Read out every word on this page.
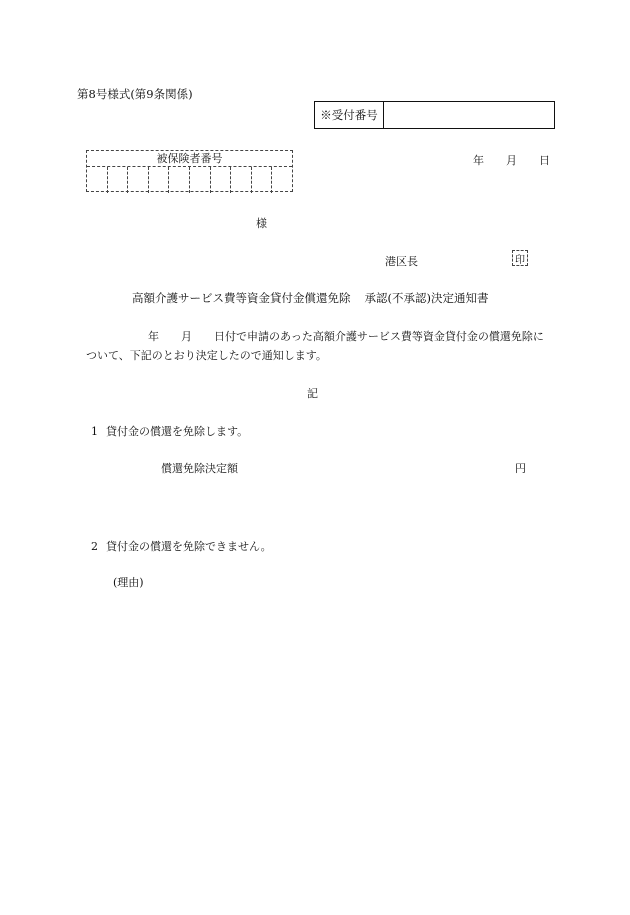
第8号様式(第9条関係)
※受付番号
被保険者番号	年 月 日
様
港区長	印
高額介護サービス費等資金貸付金償還免除 承認(不承認)決定通知書
年 月 日付で申請のあった高額介護サービス費等資金貸付金の償還免除について、下記のとおり決定したので通知します。
記
1 貸付金の償還を免除します。
償還免除決定額	円
2 貸付金の償還を免除できません。
(理由)
